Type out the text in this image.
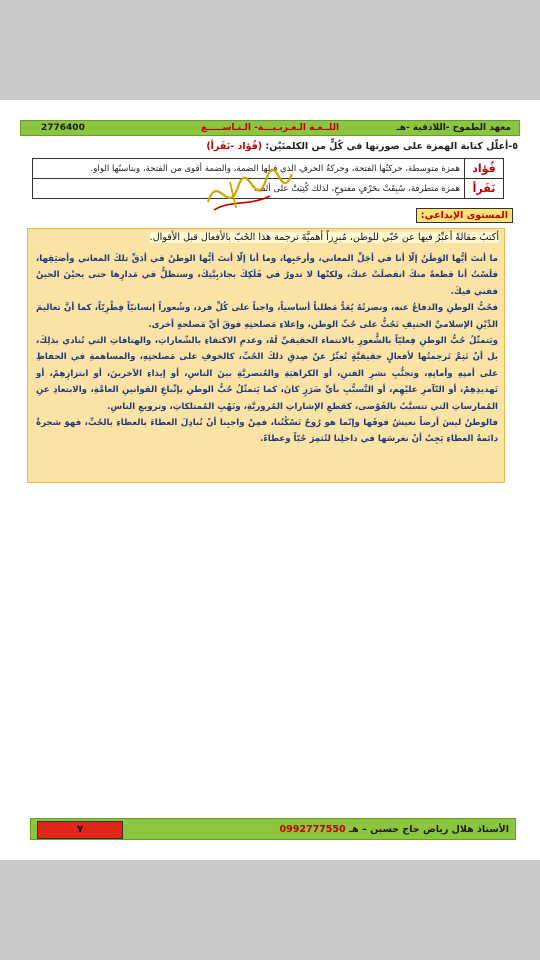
معهد الطموح -اللاذقية -هـ
اللــغـة الـعـربـيـــة- الـتـاســـــع
2776400
٥-أعلّل كتابة الهمزة على صورتها في كُلٍّ من الكلمتَيْن: (فُؤاد -نَفَرأ)
فُؤاد	همزة متوسطة، حركتُها الفتحة، وحركةُ الحرفِ الذي قبلها الضمة، والضمة أقوى من الفتحة، وبناسبُها الواو.
نَفَرأ	همزة متطرفة، سُبِقَتْ بحَرْفٍ مفتوحٍ، لذلك كُتِبَتْ على ألف.
المستوى الإبداعي:
أكتبُ مقالةً أعبِّرُ فيها عن حُبّي للوطن، مُبرِزاً أهميَّةَ ترجمة هذا الحُبّ بالأفعال قبل الأقوال.

ما أنتَ أيُّها الوَطَنُ إلّا أنا في أجَلِّ المعاني، وأرحَبِها، وما أنا إلّا أنتَ أيُّها الوطنُ في أدَقِّ تلكَ المعاني وأضيَقِها، فلَسْتُ أنا قطعةً منكَ انفصلَتْ عنكَ، ولكنّها لا تدورُ في فَلَكِكَ بجاذبِيَّتِكَ، وستظلُّ في مَدارِها حتى يحيْنَ الحينُ ففني فيكَ.

فحُبُّ الوطنِ والدفاعُ عنه، ونصرتُهُ يُعَدُّ مَطلباً أساسياً، واجباً على كُلِّ فرد، وشُعوراً إنسانيّاً فِطْرِيّاً، كما أنَّ تعاليمَ الدِّيْنِ الإسلاميِّ الحنيفِ تَحُثُّ على حُبِّ الوطن، وإعلاءِ مَصلحتِهِ فوقَ أيِّ مَصلحةٍ أخرى.

ويَتمثّلُ حُبُّ الوطنِ فِعليّاً بالشُّعورِ بالانتماء الحقيقيِّ لَهُ، وعدمِ الاكتفاءِ بالشّعاراتِ، والهتافاتِ التي تُنادي بذلِكَ، بل أنْ تَتِمَّ تَرجمتُها لأفعالٍ حقيقيَّةٍ تُعبِّرُ عنْ صِدقِ ذلكَ الحُبِّ، كالخوفِ على مَصلحتِهِ، والمساهمةِ في الحفاظِ على أمنِهِ وأمانِهِ، وتجنُّبِ نشرِ الفتنِ، أو الكراهيَةِ والعُنصريَّةِ بينَ الناسِ، أو إيذاءِ الآخرينَ، أو ابتزازِهِمْ، أو تَهديدِهِمْ، أو التّآمرِ عليْهِم، أو التَّسبُّبِ بأيِّ ضَرَرٍ كانَ، كما يَتمثّلُ حُبُّ الوطنِ بإتِّباعِ القوانينِ العامَّةِ، والابتعادِ عنِ المُمارساتِ التي تتسبَّبُ بالفَوْضى، كقطعِ الإشاراتِ المُروريَّةِ، ونَهْبِ المُمتلكاتِ، وترويعِ الناسِ.

فالوطنُ ليسَ أرضاً نعيشُ فوقَها وإنّما هو رُوحٌ تَسْكُنُنا، فمِنْ واجبِنا أنْ نُبادِلَ العطاءَ بالعطاءِ بالحُبِّ، فهوَ شجرةٌ دائمةُ العطاءِ يَجِبُ أنْ نغرسَها في داخلِنا لتُثمِرَ حُبّاً وعطاءً.

الأستاذ هلال رياض حاج حسين – هـ 0992777550
٧
